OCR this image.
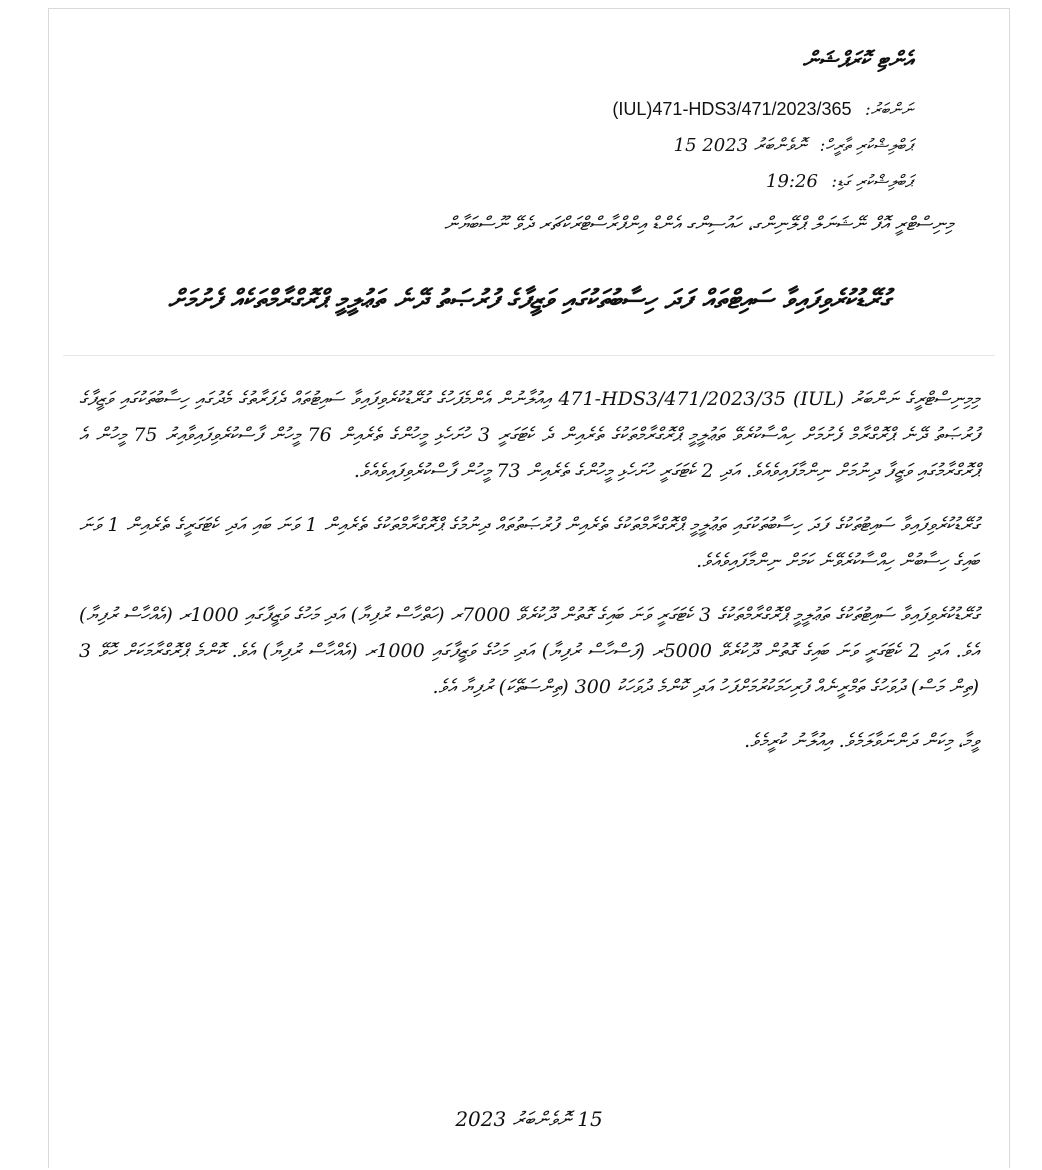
އެންޓި ކޮރަޕްޝަން
ނަންބަރު: (IUL)471-HDS3/471/2023/365
ޕަބްލިޝްކުރި ތާރީހް: 15 ނޮވެންބަރު 2023
ޕަބްލިޝްކުރި ގަޑި: 19:26
މިނިސްޓްރީ އޮފް ނޭޝަނަލް ޕްލޭނިންގ، ހައުސިންގ އެންޑް އިންފްރާސްޓްރަކްޗަރ ދެވޭ ނޫސްބަޔާން
ގުރޭޑުކުރެވިފައިވާ ސައިޓްތައް ފަދަ ހިސާބުތަކުގައި ވަޒީފާގެ ފުރުޞަތު ދޭނެ ތަޢުލީމީ ޕްރޮގްރާމްތަކެއް ފެށުމަށް

މިމިނިސްޓްރީގެ ނަންބަރު (IUL) 471-HDS3/471/2023/35 އިއުލާނުން އެންމެފަހުގެ ގުރޭޑުކުރެވިފައިވާ ސައިޓުތައް ދެފަރާތުގެ މެދުގައި ހިސާބުތަކުގައި ވަޒީފާގެ ފުރުޞަތު ދޭނެ ޕްރޮގްރާމް ފެށުމަށް ހިއްސާކުރެވޭ ތަޢުލީމީ ޕްރޮގްރާމްތަކުގެ ތެރެއިން ދެ ކެޓަގަރީ 3 ހުށަހެޅި މީހުންގެ ތެރެއިން 76 މީހުން ފާސްކުރެވިފައިވާއިރު 75 މީހުން އެ ޕްރޮގްރާމުގައި ވަޒީފާ ދިނުމަށް ނިންމާފައިވެއެވެ. އަދި 2 ކެޓަގަރީ ހުށަހެޅި މީހުންގެ ތެރެއިން 73 މީހުން ފާސްކުރެވިފައިވެއެވެ.

ގުރޭޑުކުރެވިފައިވާ ސައިޓުތަކުގެ ފަދަ ހިސާބުތަކުގައި ތަޢުލީމީ ޕްރޮގްރާމްތަކުގެ ތެރެއިން ފުރުޞަތުތައް ދިނުމުގެ ޕްރޮގްރާމްތަކުގެ ތެރެއިން 1 ވަނަ ބައި އަދި ކެޓަގަރީގެ ތެރެއިން 1 ވަނަ ބައިގެ ހިސާބުން ހިއްސާކުރެވޭނެ ކަމަށް ނިންމާފައިވެއެވެ.

ގުރޭޑުކުރެވިފައިވާ ސައިޓުތަކުގެ ތަޢުލީމީ ޕްރޮގްރާމްތަކުގެ 3 ކެޓަގަރީ ވަނަ ބައިގެ ގޮތުން ދޫކުރެވޭ 7000ރ (ހަތްހާސް ރުފިޔާ) އަދި މަހުގެ ވަޒީފާގައި 1000ރ (އެއްހާސް ރުފިޔާ) އެވެ. އަދި 2 ކެޓަގަރީ ވަނަ ބައިގެ ގޮތުން ދޫކުރެވޭ 5000ރ (ފަސްހާސް ރުފިޔާ) އަދި މަހުގެ ވަޒީފާގައި 1000ރ (އެއްހާސް ރުފިޔާ) އެވެ. ކޮންމެ ޕްރޮގްރާމަކަށް ހޮވޭ 3 (ތިން މަސް) ދުވަހުގެ ތަމްރީނެއް ފުރިހަމަކުރުމަށްފަހު އަދި ކޮންމެ ދުވަހަކު 300 (ތިންސަތޭކަ) ރުފިޔާ އެވެ.

ވީމާ، މިކަން ދަންނަވާލަމެވެ. އިއުލާނު ކުރީމެވެ.

15 ނޮވެންބަރު 2023
